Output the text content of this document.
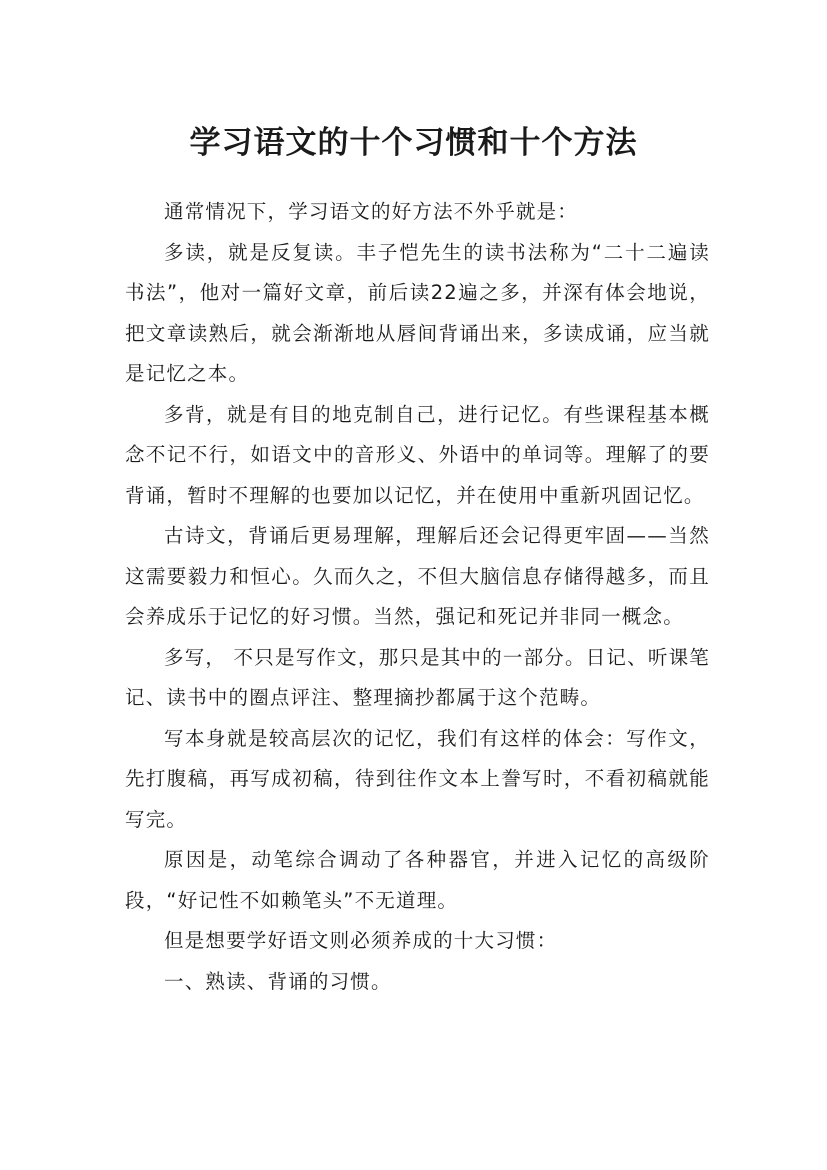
学习语文的十个习惯和十个方法

通常情况下，学习语文的好方法不外乎就是：

多读，就是反复读。丰子恺先生的读书法称为“二十二遍读书法”，他对一篇好文章，前后读22遍之多，并深有体会地说，把文章读熟后，就会渐渐地从唇间背诵出来，多读成诵，应当就是记忆之本。

多背，就是有目的地克制自己，进行记忆。有些课程基本概念不记不行，如语文中的音形义、外语中的单词等。理解了的要背诵，暂时不理解的也要加以记忆，并在使用中重新巩固记忆。

古诗文，背诵后更易理解，理解后还会记得更牢固——当然这需要毅力和恒心。久而久之，不但大脑信息存储得越多，而且会养成乐于记忆的好习惯。当然，强记和死记并非同一概念。

多写， 不只是写作文，那只是其中的一部分。日记、听课笔记、读书中的圈点评注、整理摘抄都属于这个范畴。

写本身就是较高层次的记忆，我们有这样的体会：写作文，先打腹稿，再写成初稿，待到往作文本上誊写时，不看初稿就能写完。

原因是，动笔综合调动了各种器官，并进入记忆的高级阶段，“好记性不如赖笔头”不无道理。

但是想要学好语文则必须养成的十大习惯：

一、熟读、背诵的习惯。
